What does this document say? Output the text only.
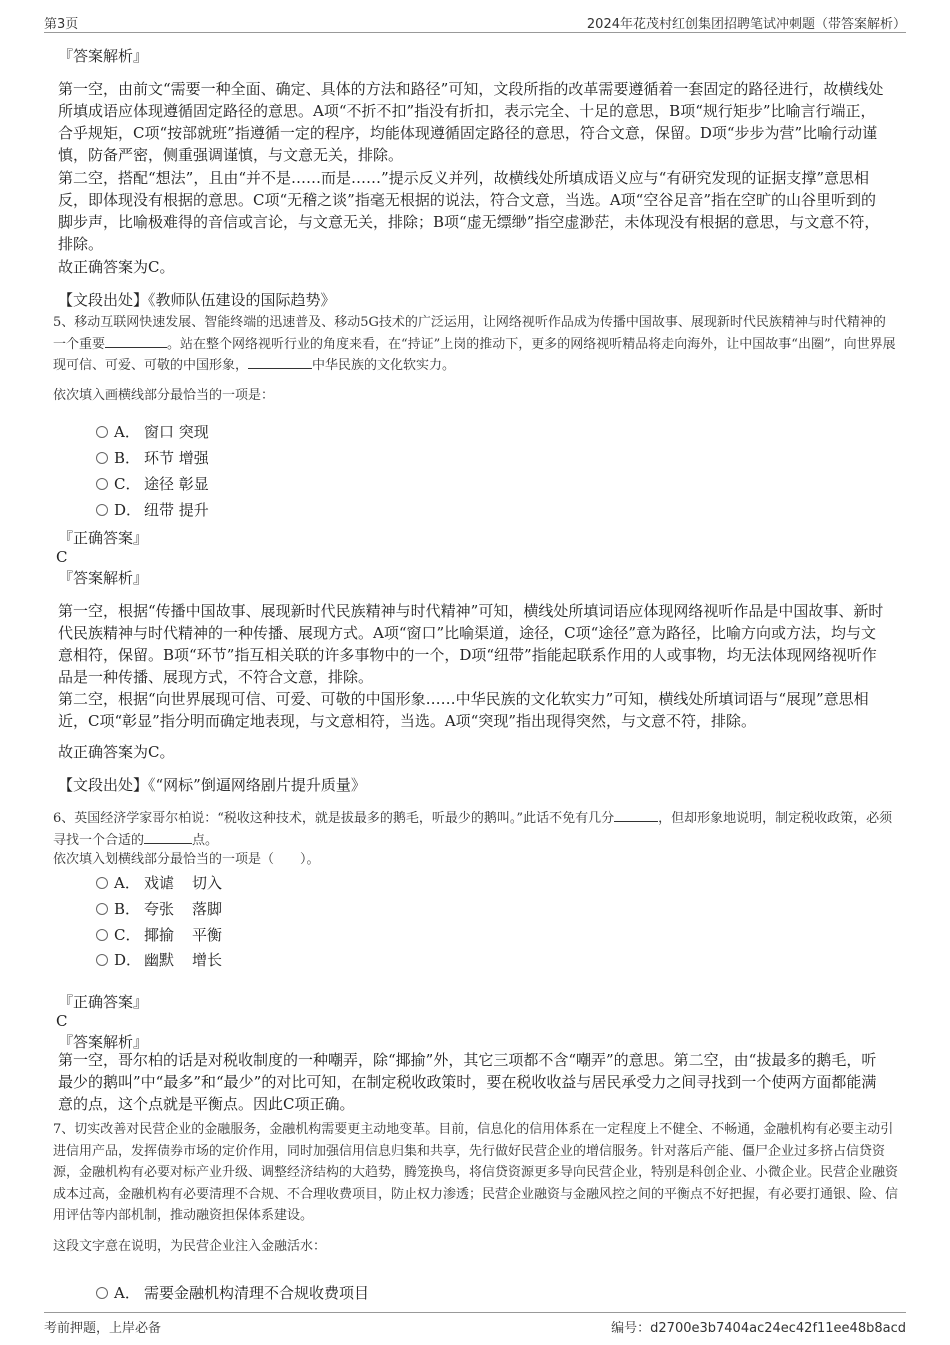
第3页	2024年花茂村红创集团招聘笔试冲刺题（带答案解析）
『答案解析』
第一空，由前文“需要一种全面、确定、具体的方法和路径”可知，文段所指的改革需要遵循着一套固定的路径进行，故横线处所填成语应体现遵循固定路径的意思。A项“不折不扣”指没有折扣，表示完全、十足的意思，B项“规行矩步”比喻言行端正，合乎规矩，C项“按部就班”指遵循一定的程序，均能体现遵循固定路径的意思，符合文意，保留。D项“步步为营”比喻行动谨慎，防备严密，侧重强调谨慎，与文意无关，排除。
第二空，搭配“想法”，且由“并不是……而是……”提示反义并列，故横线处所填成语义应与“有研究发现的证据支撑”意思相反，即体现没有根据的意思。C项“无稽之谈”指毫无根据的说法，符合文意，当选。A项“空谷足音”指在空旷的山谷里听到的脚步声，比喻极难得的音信或言论，与文意无关，排除；B项“虚无缥缈”指空虚渺茫，未体现没有根据的意思，与文意不符，排除。
故正确答案为C。
【文段出处】《教师队伍建设的国际趋势》
5、移动互联网快速发展、智能终端的迅速普及、移动5G技术的广泛运用，让网络视听作品成为传播中国故事、展现新时代民族精神与时代精神的一个重要	。站在整个网络视听行业的角度来看，在“持证”上岗的推动下，更多的网络视听精品将走向海外，让中国故事“出圈”，向世界展现可信、可爱、可敬的中国形象，	中华民族的文化软实力。
依次填入画横线部分最恰当的一项是：
A． 窗口 突现
B． 环节 增强
C． 途径 彰显
D． 纽带 提升
『正确答案』
C
『答案解析』
第一空，根据“传播中国故事、展现新时代民族精神与时代精神”可知，横线处所填词语应体现网络视听作品是中国故事、新时代民族精神与时代精神的一种传播、展现方式。A项“窗口”比喻渠道，途径，C项“途径”意为路径，比喻方向或方法，均与文意相符，保留。B项“环节”指互相关联的许多事物中的一个，D项“纽带”指能起联系作用的人或事物，均无法体现网络视听作品是一种传播、展现方式，不符合文意，排除。
第二空，根据“向世界展现可信、可爱、可敬的中国形象……中华民族的文化软实力”可知，横线处所填词语与“展现”意思相近，C项“彰显”指分明而确定地表现，与文意相符，当选。A项“突现”指出现得突然，与文意不符，排除。
故正确答案为C。
【文段出处】《“网标”倒逼网络剧片提升质量》
6、英国经济学家哥尔柏说：“税收这种技术，就是拔最多的鹅毛，听最少的鹅叫。”此话不免有几分	，但却形象地说明，制定税收政策，必须寻找一个合适的	点。
依次填入划横线部分最恰当的一项是（　　）。
A． 戏谑 切入
B． 夸张 落脚
C． 揶揄 平衡
D． 幽默 增长
『正确答案』
C
『答案解析』
第一空，哥尔柏的话是对税收制度的一种嘲弄，除“揶揄”外，其它三项都不含“嘲弄”的意思。第二空，由“拔最多的鹅毛，听最少的鹅叫”中“最多”和“最少”的对比可知，在制定税收政策时，要在税收收益与居民承受力之间寻找到一个使两方面都能满意的点，这个点就是平衡点。因此C项正确。
7、切实改善对民营企业的金融服务，金融机构需要更主动地变革。目前，信息化的信用体系在一定程度上不健全、不畅通，金融机构有必要主动引进信用产品，发挥债券市场的定价作用，同时加强信用信息归集和共享，先行做好民营企业的增信服务。针对落后产能、僵尸企业过多挤占信贷资源，金融机构有必要对标产业升级、调整经济结构的大趋势，腾笼换鸟，将信贷资源更多导向民营企业，特别是科创企业、小微企业。民营企业融资成本过高，金融机构有必要清理不合规、不合理收费项目，防止权力渗透；民营企业融资与金融风控之间的平衡点不好把握，有必要打通银、险、信用评估等内部机制，推动融资担保体系建设。
这段文字意在说明，为民营企业注入金融活水：
A． 需要金融机构清理不合规收费项目
考前押题，上岸必备	编号：d2700e3b7404ac24ec42f11ee48b8acd
